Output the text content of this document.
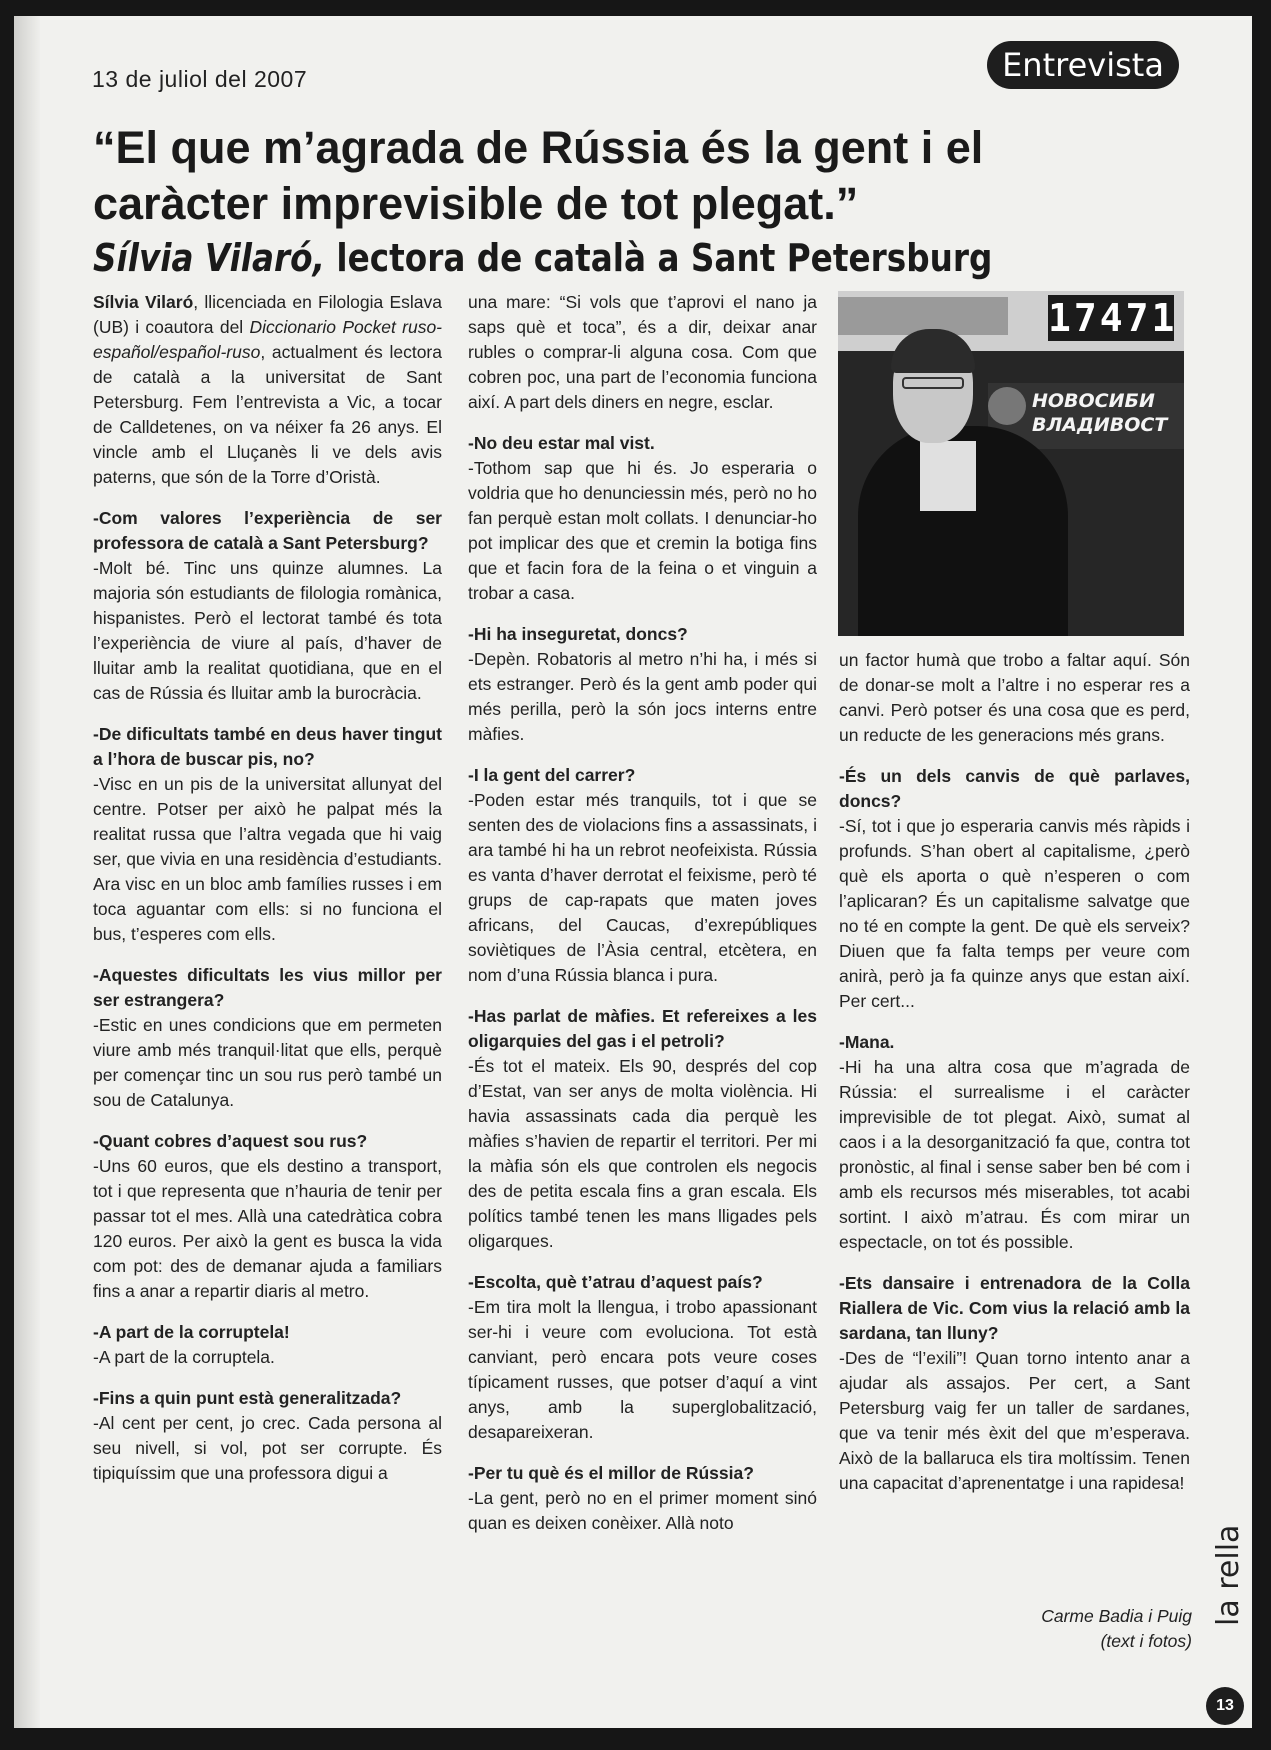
13 de juliol del 2007	Entrevista
“El que m’agrada de Rússia és la gent i el caràcter imprevisible de tot plegat.”
Sílvia Vilaró, lectora de català a Sant Petersburg

Sílvia Vilaró, llicenciada en Filologia Eslava (UB) i coautora del Diccionario Pocket ruso-español/español-ruso, actualment és lectora de català a la universitat de Sant Petersburg. Fem l’entrevista a Vic, a tocar de Calldetenes, on va néixer fa 26 anys. El vincle amb el Lluçanès li ve dels avis paterns, que són de la Torre d’Oristà.

-Com valores l’experiència de ser professora de català a Sant Petersburg?

-Molt bé. Tinc uns quinze alumnes. La majoria són estudiants de filologia romànica, hispanistes. Però el lectorat també és tota l’experiència de viure al país, d’haver de lluitar amb la realitat quotidiana, que en el cas de Rússia és lluitar amb la burocràcia.

-De dificultats també en deus haver tingut a l’hora de buscar pis, no?

-Visc en un pis de la universitat allunyat del centre. Potser per això he palpat més la realitat russa que l’altra vegada que hi vaig ser, que vivia en una residència d’estudiants. Ara visc en un bloc amb famílies russes i em toca aguantar com ells: si no funciona el bus, t’esperes com ells.

-Aquestes dificultats les vius millor per ser estrangera?

-Estic en unes condicions que em permeten viure amb més tranquil·litat que ells, perquè per començar tinc un sou rus però també un sou de Catalunya.

-Quant cobres d’aquest sou rus?

-Uns 60 euros, que els destino a transport, tot i que representa que n’hauria de tenir per passar tot el mes. Allà una catedràtica cobra 120 euros. Per això la gent es busca la vida com pot: des de demanar ajuda a familiars fins a anar a repartir diaris al metro.

-A part de la corruptela!

-A part de la corruptela.

-Fins a quin punt està generalitzada?

-Al cent per cent, jo crec. Cada persona al seu nivell, si vol, pot ser corrupte. És tipiquíssim que una professora digui a

una mare: “Si vols que t’aprovi el nano ja saps què et toca”, és a dir, deixar anar rubles o comprar-li alguna cosa. Com que cobren poc, una part de l’economia funciona així. A part dels diners en negre, esclar.

-No deu estar mal vist.

-Tothom sap que hi és. Jo esperaria o voldria que ho denunciessin més, però no ho fan perquè estan molt collats. I denunciar-ho pot implicar des que et cremin la botiga fins que et facin fora de la feina o et vinguin a trobar a casa.

-Hi ha inseguretat, doncs?

-Depèn. Robatoris al metro n’hi ha, i més si ets estranger. Però és la gent amb poder qui més perilla, però la són jocs interns entre màfies.

-I la gent del carrer?

-Poden estar més tranquils, tot i que se senten des de violacions fins a assassinats, i ara també hi ha un rebrot neofeixista. Rússia es vanta d’haver derrotat el feixisme, però té grups de cap-rapats que maten joves africans, del Caucas, d’exrepúbliques soviètiques de l’Àsia central, etcètera, en nom d’una Rússia blanca i pura.

-Has parlat de màfies. Et refereixes a les oligarquies del gas i el petroli?

-És tot el mateix. Els 90, després del cop d’Estat, van ser anys de molta violència. Hi havia assassinats cada dia perquè les màfies s’havien de repartir el territori. Per mi la màfia són els que controlen els negocis des de petita escala fins a gran escala. Els polítics també tenen les mans lligades pels oligarques.

-Escolta, què t’atrau d’aquest país?

-Em tira molt la llengua, i trobo apassionant ser-hi i veure com evoluciona. Tot està canviant, però encara pots veure coses típicament russes, que potser d’aquí a vint anys, amb la superglobalització, desapareixeran.

-Per tu què és el millor de Rússia?

-La gent, però no en el primer moment sinó quan es deixen conèixer. Allà noto

17471
НОВОСИБИ
ВЛАДИВОСТ

un factor humà que trobo a faltar aquí. Són de donar-se molt a l’altre i no esperar res a canvi. Però potser és una cosa que es perd, un reducte de les generacions més grans.

-És un dels canvis de què parlaves, doncs?

-Sí, tot i que jo esperaria canvis més ràpids i profunds. S’han obert al capitalisme, ¿però què els aporta o què n’esperen o com l’aplicaran? És un capitalisme salvatge que no té en compte la gent. De què els serveix? Diuen que fa falta temps per veure com anirà, però ja fa quinze anys que estan així. Per cert...

-Mana.

-Hi ha una altra cosa que m’agrada de Rússia: el surrealisme i el caràcter imprevisible de tot plegat. Això, sumat al caos i a la desorganització fa que, contra tot pronòstic, al final i sense saber ben bé com i amb els recursos més miserables, tot acabi sortint. I això m’atrau. És com mirar un espectacle, on tot és possible.

-Ets dansaire i entrenadora de la Colla Riallera de Vic. Com vius la relació amb la sardana, tan lluny?

-Des de “l’exili”! Quan torno intento anar a ajudar als assajos. Per cert, a Sant Petersburg vaig fer un taller de sardanes, que va tenir més èxit del que m’esperava. Això de la ballaruca els tira moltíssim. Tenen una capacitat d’aprenentatge i una rapidesa!

Carme Badia i Puig
(text i fotos)
la rella
13
